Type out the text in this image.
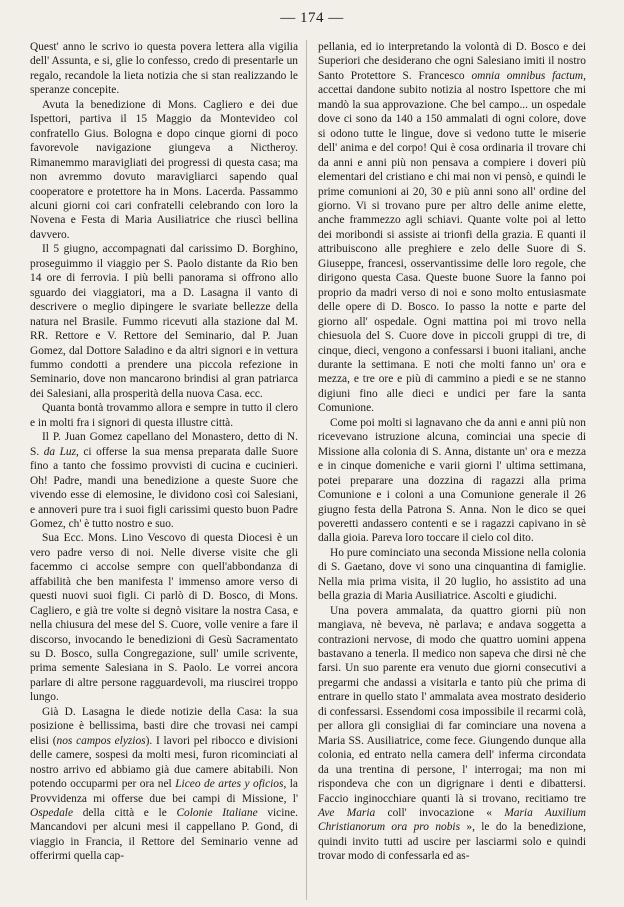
— 174 —

Quest' anno le scrivo io questa povera lettera alla vigilia dell' Assunta, e si, glie lo confesso, credo di presentarle un regalo, recandole la lieta notizia che si stan realizzando le speranze concepite.

Avuta la benedizione di Mons. Cagliero e dei due Ispettori, partiva il 15 Maggio da Montevideo col confratello Gius. Bologna e dopo cinque giorni di poco favorevole navigazione giungeva a Nictheroy. Rimanemmo maravigliati dei progressi di questa casa; ma non avremmo dovuto maravigliarci sapendo qual cooperatore e protettore ha in Mons. Lacerda. Passammo alcuni giorni coi cari confratelli celebrando con loro la Novena e Festa di Maria Ausiliatrice che riuscì bellina davvero.

Il 5 giugno, accompagnati dal carissimo D. Borghino, proseguimmo il viaggio per S. Paolo distante da Rio ben 14 ore di ferrovia. I più belli panorama si offrono allo sguardo dei viaggiatori, ma a D. Lasagna il vanto di descrivere o meglio dipingere le svariate bellezze della natura nel Brasile. Fummo ricevuti alla stazione dal M. RR. Rettore e V. Rettore del Seminario, dal P. Juan Gomez, dal Dottore Saladino e da altri signori e in vettura fummo condotti a prendere una piccola refezione in Seminario, dove non mancarono brindisi al gran patriarca dei Salesiani, alla prosperità della nuova Casa. ecc.

Quanta bontà trovammo allora e sempre in tutto il clero e in molti fra i signori di questa illustre città.

Il P. Juan Gomez capellano del Monastero, detto di N. S. da Luz, ci offerse la sua mensa preparata dalle Suore fino a tanto che fossimo provvisti di cucina e cucinieri. Oh! Padre, mandi una benedizione a queste Suore che vivendo esse di elemosine, le dividono così coi Salesiani, e annoveri pure tra i suoi figli carissimi questo buon Padre Gomez, ch' è tutto nostro e suo.

Sua Ecc. Mons. Lino Vescovo di questa Diocesi è un vero padre verso di noi. Nelle diverse visite che gli facemmo ci accolse sempre con quell'abbondanza di affabilità che ben manifesta l' immenso amore verso di questi nuovi suoi figli. Ci parlò di D. Bosco, di Mons. Cagliero, e già tre volte si degnò visitare la nostra Casa, e nella chiusura del mese del S. Cuore, volle venire a fare il discorso, invocando le benedizioni di Gesù Sacramentato su D. Bosco, sulla Congregazione, sull' umile scrivente, prima semente Salesiana in S. Paolo. Le vorrei ancora parlare di altre persone ragguardevoli, ma riuscirei troppo lungo.

Già D. Lasagna le diede notizie della Casa: la sua posizione è bellissima, basti dire che trovasi nei campi elisi (nos campos elyzios). I lavori pel ribocco e divisioni delle camere, sospesi da molti mesi, furon ricominciati al nostro arrivo ed abbiamo già due camere abitabili. Non potendo occuparmi per ora nel Liceo de artes y oficios, la Provvidenza mi offerse due bei campi di Missione, l' Ospedale della città e le Colonie Italiane vicine. Mancandovi per alcuni mesi il cappellano P. Gond, di viaggio in Francia, il Rettore del Seminario venne ad offerirmi quella cap-

pellania, ed io interpretando la volontà di D. Bosco e dei Superiori che desiderano che ogni Salesiano imiti il nostro Santo Protettore S. Francesco omnia omnibus factum, accettai dandone subito notizia al nostro Ispettore che mi mandò la sua approvazione. Che bel campo... un ospedale dove ci sono da 140 a 150 ammalati di ogni colore, dove si odono tutte le lingue, dove si vedono tutte le miserie dell' anima e del corpo! Qui è cosa ordinaria il trovare chi da anni e anni più non pensava a compiere i doveri più elementari del cristiano e chi mai non vi pensò, e quindi le prime comunioni ai 20, 30 e più anni sono all' ordine del giorno. Vi si trovano pure per altro delle anime elette, anche frammezzo agli schiavi. Quante volte poi al letto dei moribondi si assiste ai trionfi della grazia. E quanti il attribuiscono alle preghiere e zelo delle Suore di S. Giuseppe, francesi, osservantissime delle loro regole, che dirigono questa Casa. Queste buone Suore la fanno poi proprio da madri verso di noi e sono molto entusiasmate delle opere di D. Bosco. Io passo la notte e parte del giorno all' ospedale. Ogni mattina poi mi trovo nella chiesuola del S. Cuore dove in piccoli gruppi di tre, di cinque, dieci, vengono a confessarsi i buoni italiani, anche durante la settimana. E noti che molti fanno un' ora e mezza, e tre ore e più di cammino a piedi e se ne stanno digiuni fino alle dieci e undici per fare la santa Comunione.

Come poi molti si lagnavano che da anni e anni più non ricevevano istruzione alcuna, cominciai una specie di Missione alla colonia di S. Anna, distante un' ora e mezza e in cinque domeniche e varii giorni l' ultima settimana, potei preparare una dozzina di ragazzi alla prima Comunione e i coloni a una Comunione generale il 26 giugno festa della Patrona S. Anna. Non le dico se quei poveretti andassero contenti e se i ragazzi capivano in sè dalla gioia. Pareva loro toccare il cielo col dito.

Ho pure cominciato una seconda Missione nella colonia di S. Gaetano, dove vi sono una cinquantina di famiglie. Nella mia prima visita, il 20 luglio, ho assistito ad una bella grazia di Maria Ausiliatrice. Ascolti e giudichi.

Una povera ammalata, da quattro giorni più non mangiava, nè beveva, nè parlava; e andava soggetta a contrazioni nervose, di modo che quattro uomini appena bastavano a tenerla. Il medico non sapeva che dirsi nè che farsi. Un suo parente era venuto due giorni consecutivi a pregarmi che andassi a visitarla e tanto più che prima di entrare in quello stato l' ammalata avea mostrato desiderio di confessarsi. Essendomi cosa impossibile il recarmi colà, per allora gli consigliai di far cominciare una novena a Maria SS. Ausiliatrice, come fece. Giungendo dunque alla colonia, ed entrato nella camera dell' inferma circondata da una trentina di persone, l' interrogai; ma non mi rispondeva che con un digrignare i denti e dibattersi. Faccio inginocchiare quanti là si trovano, recitiamo tre Ave Maria coll' invocazione « Maria Auxilium Christianorum ora pro nobis », le do la benedizione, quindi invito tutti ad uscire per lasciarmi solo e quindi trovar modo di confessarla ed as-
